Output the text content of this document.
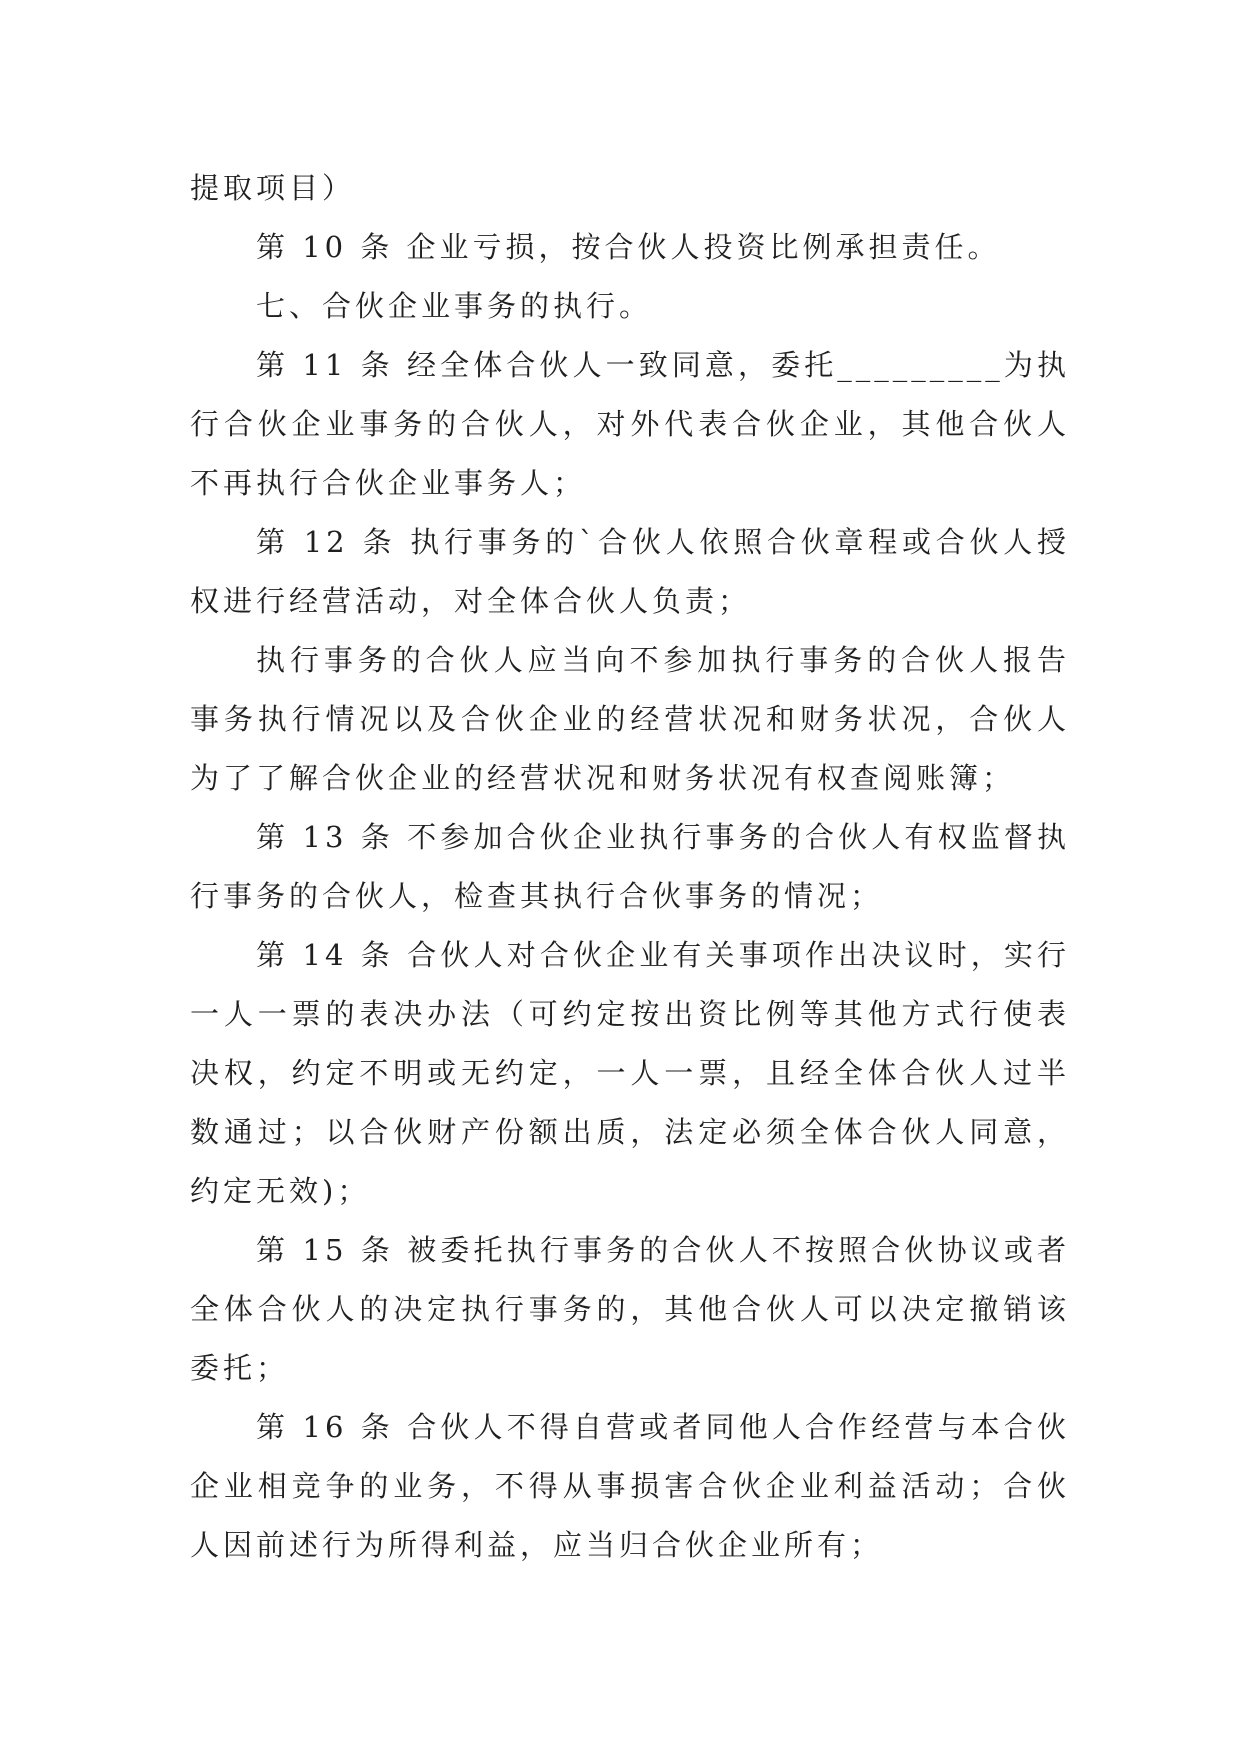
提取项目）

第 10 条 企业亏损，按合伙人投资比例承担责任。

七、合伙企业事务的执行。

第 11 条 经全体合伙人一致同意，委托_________为执行合伙企业事务的合伙人，对外代表合伙企业，其他合伙人不再执行合伙企业事务人；

第 12 条 执行事务的`合伙人依照合伙章程或合伙人授权进行经营活动，对全体合伙人负责；

执行事务的合伙人应当向不参加执行事务的合伙人报告事务执行情况以及合伙企业的经营状况和财务状况，合伙人为了了解合伙企业的经营状况和财务状况有权查阅账簿；

第 13 条 不参加合伙企业执行事务的合伙人有权监督执行事务的合伙人，检查其执行合伙事务的情况；

第 14 条 合伙人对合伙企业有关事项作出决议时，实行一人一票的表决办法（可约定按出资比例等其他方式行使表决权，约定不明或无约定，一人一票，且经全体合伙人过半数通过；以合伙财产份额出质，法定必须全体合伙人同意，约定无效)；

第 15 条 被委托执行事务的合伙人不按照合伙协议或者全体合伙人的决定执行事务的，其他合伙人可以决定撤销该委托；

第 16 条 合伙人不得自营或者同他人合作经营与本合伙企业相竞争的业务，不得从事损害合伙企业利益活动；合伙人因前述行为所得利益，应当归合伙企业所有；
